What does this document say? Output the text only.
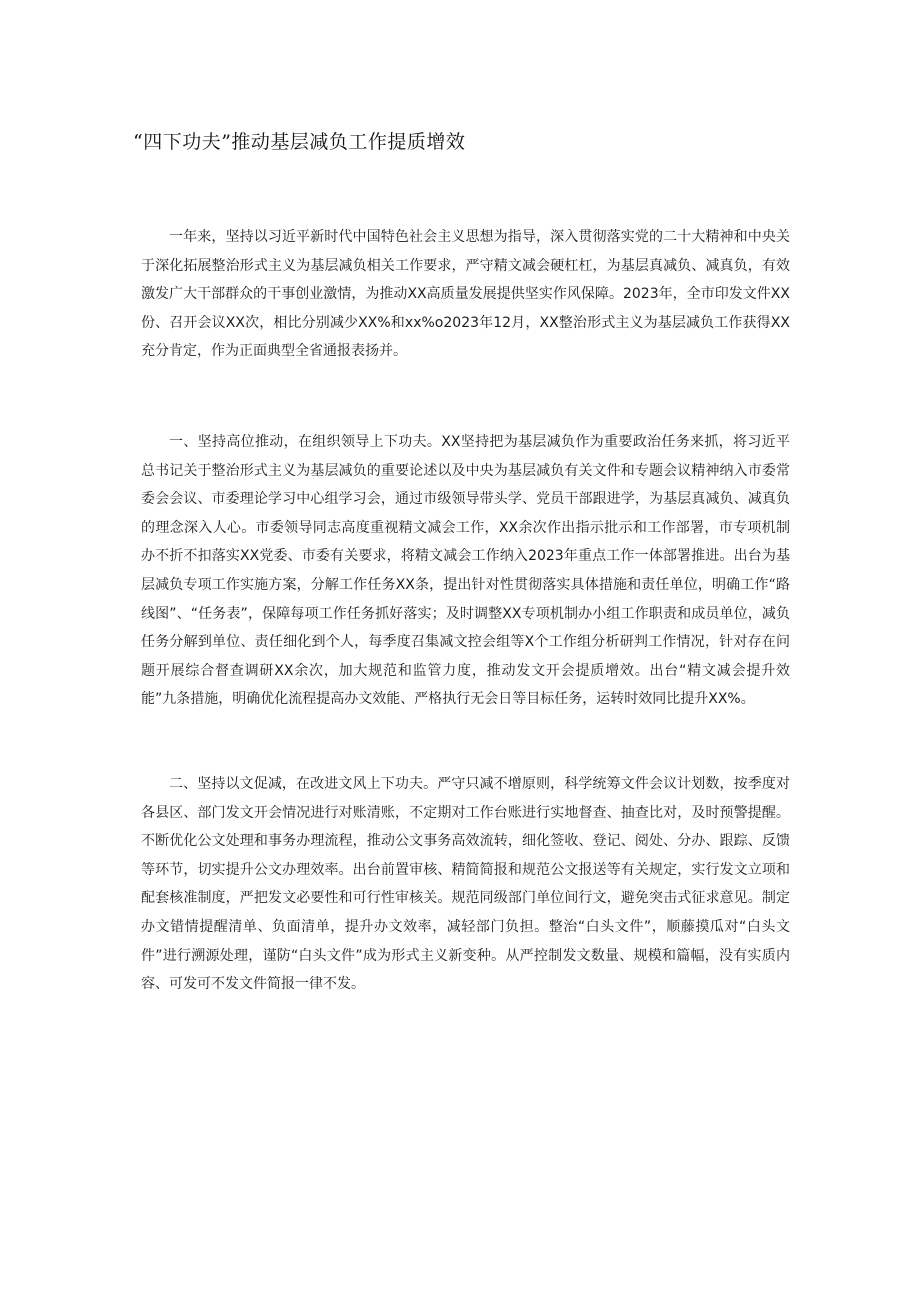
“四下功夫”推动基层减负工作提质增效

一年来，坚持以习近平新时代中国特色社会主义思想为指导，深入贯彻落实党的二十大精神和中央关于深化拓展整治形式主义为基层减负相关工作要求，严守精文减会硬杠杠，为基层真减负、减真负，有效激发广大干部群众的干事创业激情，为推动XX高质量发展提供坚实作风保障。2023年，全市印发文件XX份、召开会议XX次，相比分别减少XX%和xx%o2023年12月，XX整治形式主义为基层减负工作获得XX充分肯定，作为正面典型全省通报表扬并。

一、坚持高位推动，在组织领导上下功夫。XX坚持把为基层减负作为重要政治任务来抓，将习近平总书记关于整治形式主义为基层减负的重要论述以及中央为基层减负有关文件和专题会议精神纳入市委常委会会议、市委理论学习中心组学习会，通过市级领导带头学、党员干部跟进学，为基层真减负、减真负的理念深入人心。市委领导同志高度重视精文减会工作，XX余次作出指示批示和工作部署，市专项机制办不折不扣落实XX党委、市委有关要求，将精文减会工作纳入2023年重点工作一体部署推进。出台为基层减负专项工作实施方案，分解工作任务XX条，提出针对性贯彻落实具体措施和责任单位，明确工作“路线图”、“任务表”，保障每项工作任务抓好落实；及时调整XX专项机制办小组工作职责和成员单位，减负任务分解到单位、责任细化到个人，每季度召集减文控会组等X个工作组分析研判工作情况，针对存在问题开展综合督查调研XX余次，加大规范和监管力度，推动发文开会提质增效。出台“精文减会提升效能”九条措施，明确优化流程提高办文效能、严格执行无会日等目标任务，运转时效同比提升XX%。

二、坚持以文促减，在改进文风上下功夫。严守只减不增原则，科学统筹文件会议计划数，按季度对各县区、部门发文开会情况进行对账清账，不定期对工作台账进行实地督查、抽查比对，及时预警提醒。不断优化公文处理和事务办理流程，推动公文事务高效流转，细化签收、登记、阅处、分办、跟踪、反馈等环节，切实提升公文办理效率。出台前置审核、精简简报和规范公文报送等有关规定，实行发文立项和配套核准制度，严把发文必要性和可行性审核关。规范同级部门单位间行文，避免突击式征求意见。制定办文错情提醒清单、负面清单，提升办文效率，减轻部门负担。整治“白头文件”，顺藤摸瓜对“白头文件”进行溯源处理，谨防“白头文件”成为形式主义新变种。从严控制发文数量、规模和篇幅，没有实质内容、可发可不发文件简报一律不发。
